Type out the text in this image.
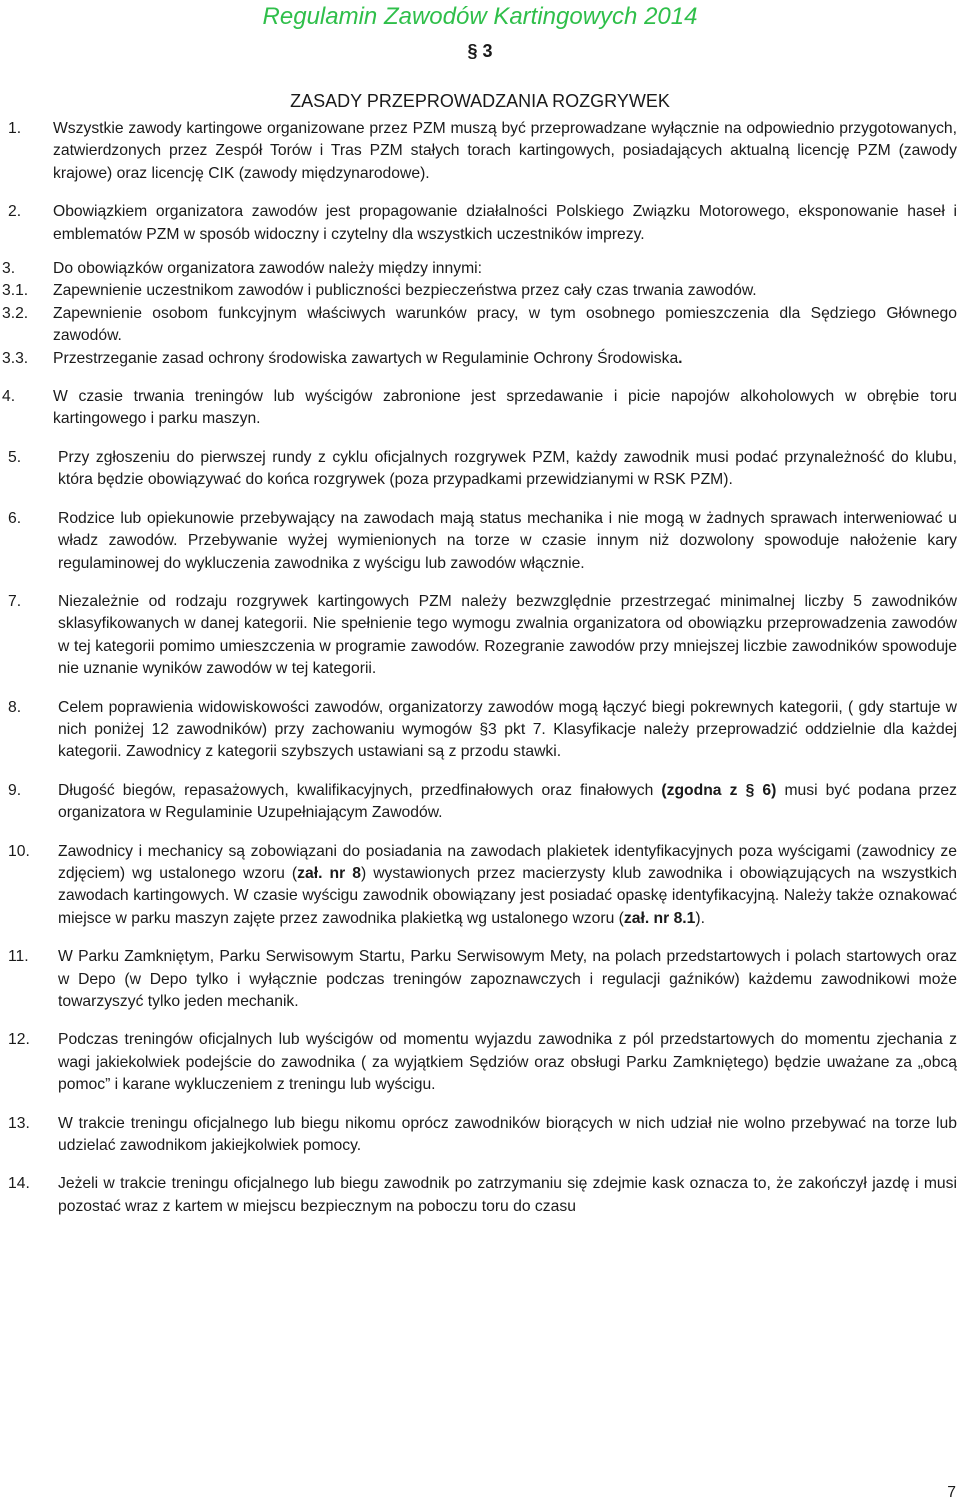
Regulamin Zawodów Kartingowych 2014
§ 3
ZASADY PRZEPROWADZANIA ROZGRYWEK
1. Wszystkie zawody kartingowe organizowane przez PZM muszą być przeprowadzane wyłącznie na odpowiednio przygotowanych, zatwierdzonych przez Zespół Torów i Tras PZM stałych torach kartingowych, posiadających aktualną licencję PZM (zawody krajowe) oraz licencję CIK (zawody międzynarodowe).
2. Obowiązkiem organizatora zawodów jest propagowanie działalności Polskiego Związku Motorowego, eksponowanie haseł i emblematów PZM w sposób widoczny i czytelny dla wszystkich uczestników imprezy.
3. Do obowiązków organizatora zawodów należy między innymi:
3.1. Zapewnienie uczestnikom zawodów i publiczności bezpieczeństwa przez cały czas trwania zawodów.
3.2. Zapewnienie osobom funkcyjnym właściwych warunków pracy, w tym osobnego pomieszczenia dla Sędziego Głównego zawodów.
3.3. Przestrzeganie zasad ochrony środowiska zawartych w Regulaminie Ochrony Środowiska.
4. W czasie trwania treningów lub wyścigów zabronione jest sprzedawanie i picie napojów alkoholowych w obrębie toru kartingowego i parku maszyn.
5. Przy zgłoszeniu do pierwszej rundy z cyklu oficjalnych rozgrywek PZM, każdy zawodnik musi podać przynależność do klubu, która będzie obowiązywać do końca rozgrywek (poza przypadkami przewidzianymi w RSK PZM).
6. Rodzice lub opiekunowie przebywający na zawodach mają status mechanika i nie mogą w żadnych sprawach interweniować u władz zawodów. Przebywanie wyżej wymienionych na torze w czasie innym niż dozwolony spowoduje nałożenie kary regulaminowej do wykluczenia zawodnika z wyścigu lub zawodów włącznie.
7. Niezależnie od rodzaju rozgrywek kartingowych PZM należy bezwzględnie przestrzegać minimalnej liczby 5 zawodników sklasyfikowanych w danej kategorii. Nie spełnienie tego wymogu zwalnia organizatora od obowiązku przeprowadzenia zawodów w tej kategorii pomimo umieszczenia w programie zawodów. Rozegranie zawodów przy mniejszej liczbie zawodników spowoduje nie uznanie wyników zawodów w tej kategorii.
8. Celem poprawienia widowiskowości zawodów, organizatorzy zawodów mogą łączyć biegi pokrewnych kategorii, ( gdy startuje w nich poniżej 12 zawodników) przy zachowaniu wymogów §3 pkt 7. Klasyfikacje należy przeprowadzić oddzielnie dla każdej kategorii. Zawodnicy z kategorii szybszych ustawiani są z przodu stawki.
9. Długość biegów, repasażowych, kwalifikacyjnych, przedfinałowych oraz finałowych (zgodna z § 6) musi być podana przez organizatora w Regulaminie Uzupełniającym Zawodów.
10. Zawodnicy i mechanicy są zobowiązani do posiadania na zawodach plakietek identyfikacyjnych poza wyścigami (zawodnicy ze zdjęciem) wg ustalonego wzoru (zał. nr 8) wystawionych przez macierzysty klub zawodnika i obowiązujących na wszystkich zawodach kartingowych. W czasie wyścigu zawodnik obowiązany jest posiadać opaskę identyfikacyjną. Należy także oznakować miejsce w parku maszyn zajęte przez zawodnika plakietką wg ustalonego wzoru (zał. nr 8.1).
11. W Parku Zamkniętym, Parku Serwisowym Startu, Parku Serwisowym Mety, na polach przedstartowych i polach startowych oraz w Depo (w Depo tylko i wyłącznie podczas treningów zapoznawczych i regulacji gaźników) każdemu zawodnikowi może towarzyszyć tylko jeden mechanik.
12. Podczas treningów oficjalnych lub wyścigów od momentu wyjazdu zawodnika z pól przedstartowych do momentu zjechania z wagi jakiekolwiek podejście do zawodnika ( za wyjątkiem Sędziów oraz obsługi Parku Zamkniętego) będzie uważane za „obcą pomoc” i karane wykluczeniem z treningu lub wyścigu.
13. W trakcie treningu oficjalnego lub biegu nikomu oprócz zawodników biorących w nich udział nie wolno przebywać na torze lub udzielać zawodnikom jakiejkolwiek pomocy.
14. Jeżeli w trakcie treningu oficjalnego lub biegu zawodnik po zatrzymaniu się zdejmie kask oznacza to, że zakończył jazdę i musi pozostać wraz z kartem w miejscu bezpiecznym na poboczu toru do czasu
7
